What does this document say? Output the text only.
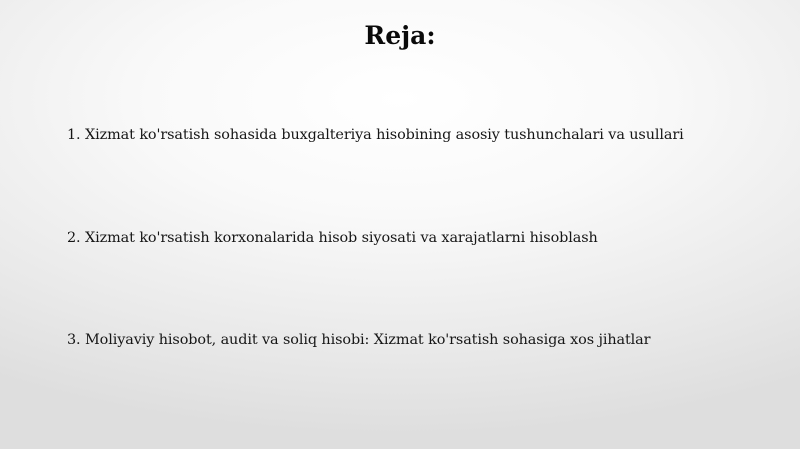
Reja:
1. Xizmat ko'rsatish sohasida buxgalteriya hisobining asosiy tushunchalari va usullari
2. Xizmat ko'rsatish korxonalarida hisob siyosati va xarajatlarni hisoblash
3. Moliyaviy hisobot, audit va soliq hisobi: Xizmat ko'rsatish sohasiga xos jihatlar
